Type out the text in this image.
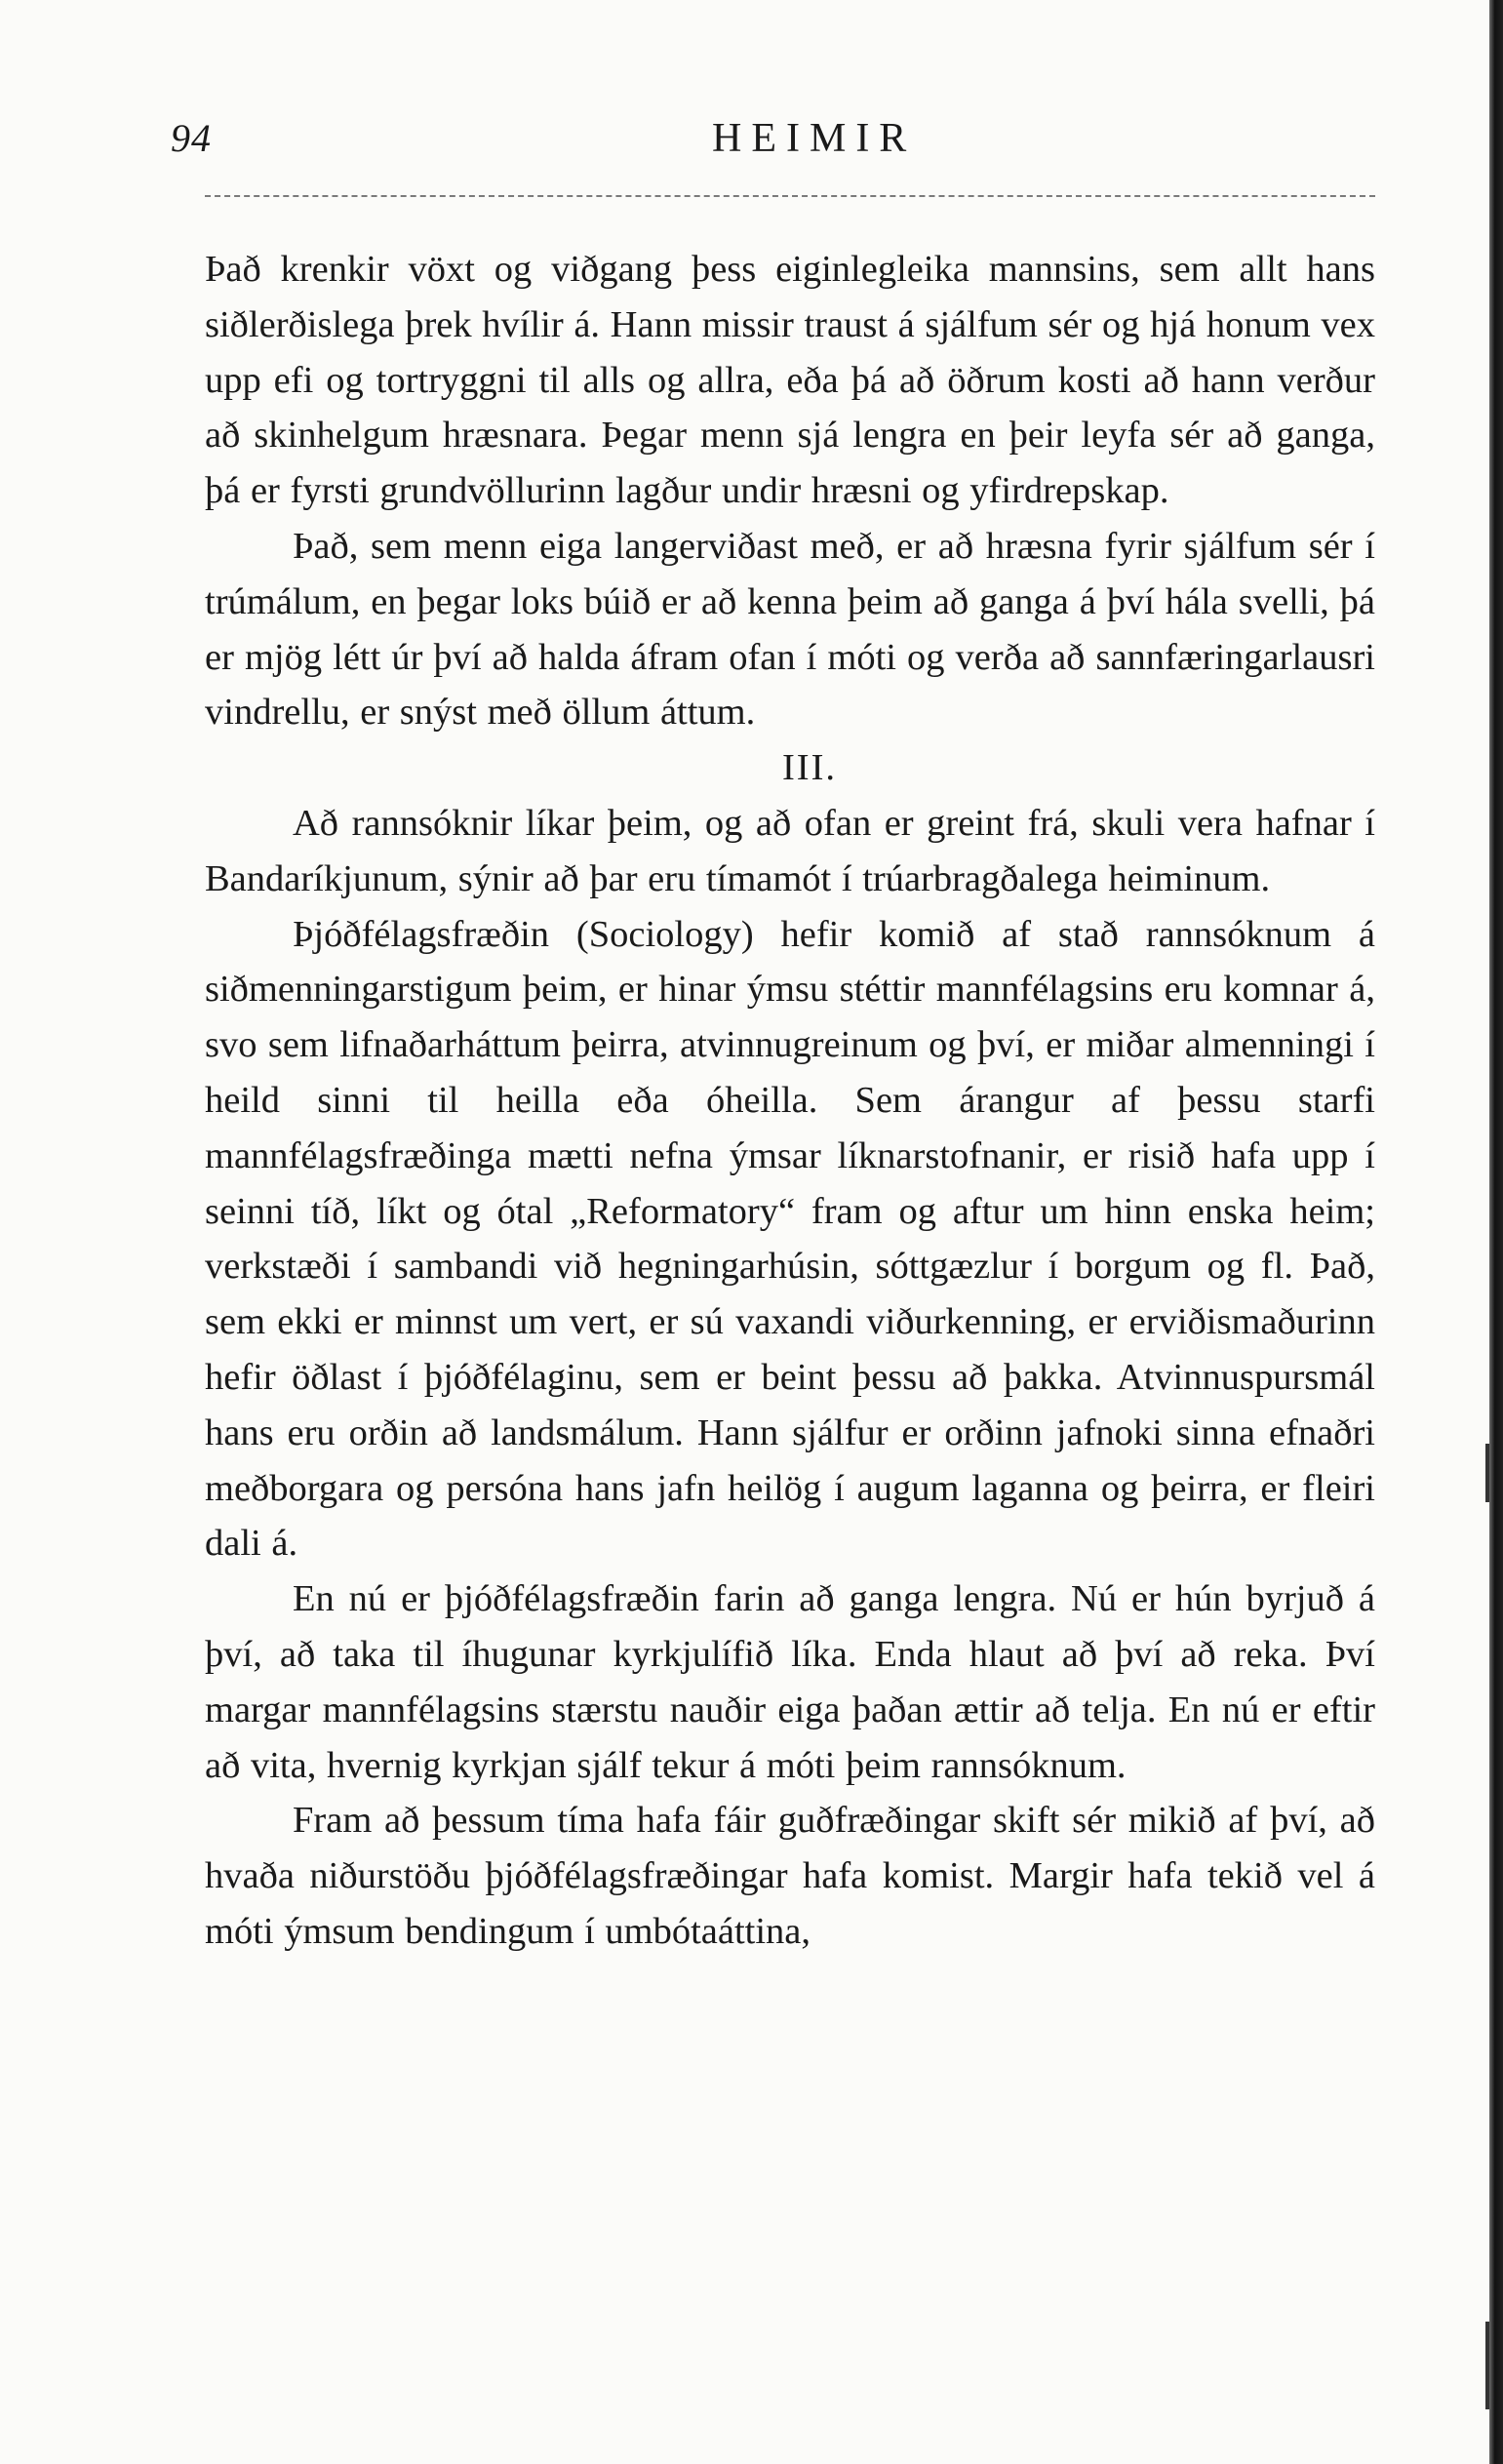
94	HEIMIR

Það krenkir vöxt og viðgang þess eiginlegleika mannsins, sem allt hans siðlerðislega þrek hvílir á. Hann missir traust á sjálfum sér og hjá honum vex upp efi og tortryggni til alls og allra, eða þá að öðrum kosti að hann verður að skinhelgum hræsnara. Þegar menn sjá lengra en þeir leyfa sér að ganga, þá er fyrsti grundvöllurinn lagður undir hræsni og yfirdrepskap.

Það, sem menn eiga langerviðast með, er að hræsna fyrir sjálfum sér í trúmálum, en þegar loks búið er að kenna þeim að ganga á því hála svelli, þá er mjög létt úr því að halda áfram ofan í móti og verða að sannfæringarlausri vindrellu, er snýst með öllum áttum.

III.

Að rannsóknir líkar þeim, og að ofan er greint frá, skuli vera hafnar í Bandaríkjunum, sýnir að þar eru tímamót í trúarbragðalega heiminum.

Þjóðfélagsfræðin (Sociology) hefir komið af stað rannsóknum á siðmenningarstigum þeim, er hinar ýmsu stéttir mannfélagsins eru komnar á, svo sem lifnaðarháttum þeirra, atvinnugreinum og því, er miðar almenningi í heild sinni til heilla eða óheilla. Sem árangur af þessu starfi mannfélagsfræðinga mætti nefna ýmsar líknarstofnanir, er risið hafa upp í seinni tíð, líkt og ótal „Reformatory“ fram og aftur um hinn enska heim; verkstæði í sambandi við hegningarhúsin, sóttgæzlur í borgum og fl. Það, sem ekki er minnst um vert, er sú vaxandi viðurkenning, er erviðismaðurinn hefir öðlast í þjóðfélaginu, sem er beint þessu að þakka. Atvinnuspursmál hans eru orðin að landsmálum. Hann sjálfur er orðinn jafnoki sinna efnaðri meðborgara og persóna hans jafn heilög í augum laganna og þeirra, er fleiri dali á.

En nú er þjóðfélagsfræðin farin að ganga lengra. Nú er hún byrjuð á því, að taka til íhugunar kyrkjulífið líka. Enda hlaut að því að reka. Því margar mannfélagsins stærstu nauðir eiga þaðan ættir að telja. En nú er eftir að vita, hvernig kyrkjan sjálf tekur á móti þeim rannsóknum.

Fram að þessum tíma hafa fáir guðfræðingar skift sér mikið af því, að hvaða niðurstöðu þjóðfélagsfræðingar hafa komist. Margir hafa tekið vel á móti ýmsum bendingum í umbótaáttina,
